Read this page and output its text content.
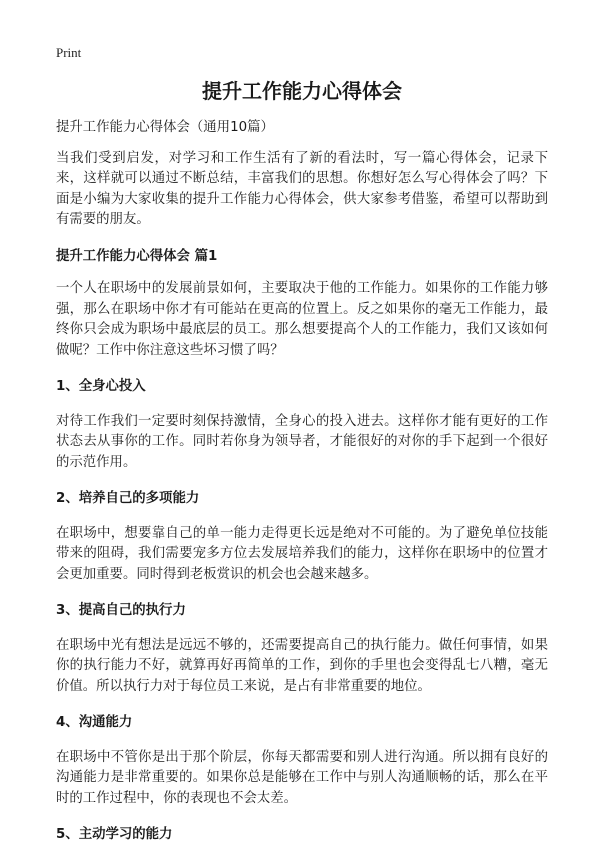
Print
提升工作能力心得体会

提升工作能力心得体会（通用10篇）

当我们受到启发，对学习和工作生活有了新的看法时，写一篇心得体会，记录下来，这样就可以通过不断总结，丰富我们的思想。你想好怎么写心得体会了吗？下面是小编为大家收集的提升工作能力心得体会，供大家参考借鉴，希望可以帮助到有需要的朋友。

提升工作能力心得体会 篇1

一个人在职场中的发展前景如何，主要取决于他的工作能力。如果你的工作能力够强，那么在职场中你才有可能站在更高的位置上。反之如果你的毫无工作能力，最终你只会成为职场中最底层的员工。那么想要提高个人的工作能力，我们又该如何做呢？工作中你注意这些坏习惯了吗？

1、全身心投入

对待工作我们一定要时刻保持激情，全身心的投入进去。这样你才能有更好的工作状态去从事你的工作。同时若你身为领导者，才能很好的对你的手下起到一个很好的示范作用。

2、培养自己的多项能力

在职场中，想要靠自己的单一能力走得更长远是绝对不可能的。为了避免单位技能带来的阻碍，我们需要宠多方位去发展培养我们的能力，这样你在职场中的位置才会更加重要。同时得到老板赏识的机会也会越来越多。

3、提高自己的执行力

在职场中光有想法是远远不够的，还需要提高自己的执行能力。做任何事情，如果你的执行能力不好，就算再好再简单的工作，到你的手里也会变得乱七八糟，毫无价值。所以执行力对于每位员工来说，是占有非常重要的地位。

4、沟通能力

在职场中不管你是出于那个阶层，你每天都需要和别人进行沟通。所以拥有良好的沟通能力是非常重要的。如果你总是能够在工作中与别人沟通顺畅的话，那么在平时的工作过程中，你的表现也不会太差。

5、主动学习的能力
